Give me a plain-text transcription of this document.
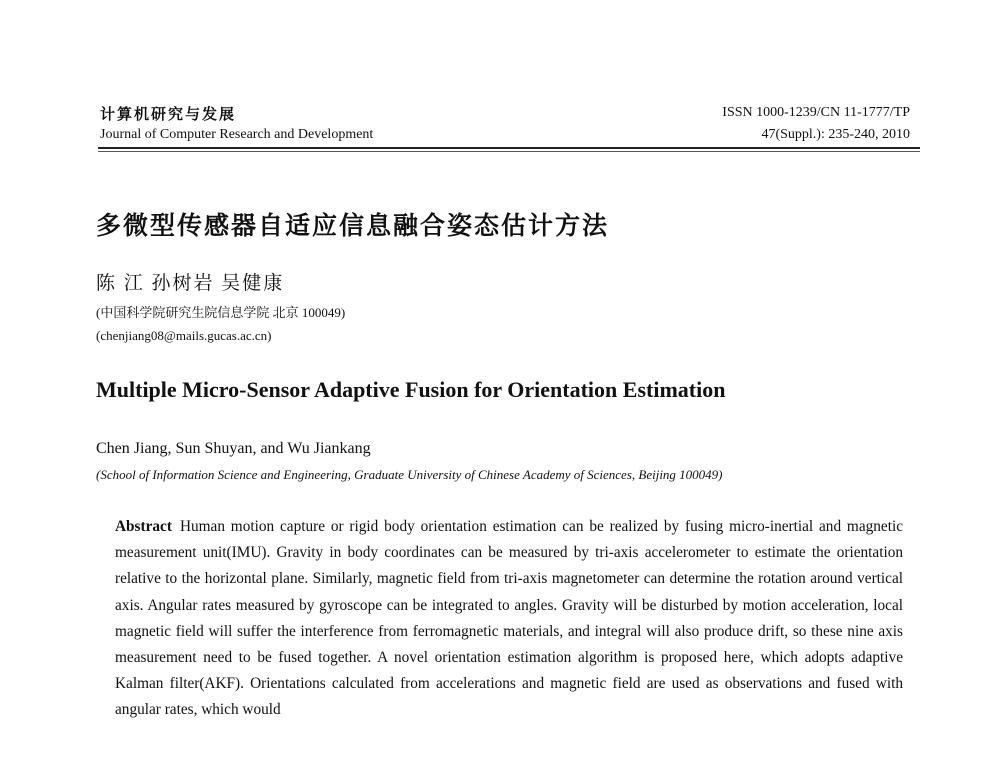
计算机研究与发展
Journal of Computer Research and Development
ISSN 1000-1239/CN 11-1777/TP
47(Suppl.): 235-240, 2010
多微型传感器自适应信息融合姿态估计方法
陈 江 孙树岩 吴健康
(中国科学院研究生院信息学院 北京 100049)
(chenjiang08@mails.gucas.ac.cn)
Multiple Micro-Sensor Adaptive Fusion for Orientation Estimation
Chen Jiang, Sun Shuyan, and Wu Jiankang
(School of Information Science and Engineering, Graduate University of Chinese Academy of Sciences, Beijing 100049)
Abstract Human motion capture or rigid body orientation estimation can be realized by fusing micro-inertial and magnetic measurement unit(IMU). Gravity in body coordinates can be measured by tri-axis accelerometer to estimate the orientation relative to the horizontal plane. Similarly, magnetic field from tri-axis magnetometer can determine the rotation around vertical axis. Angular rates measured by gyroscope can be integrated to angles. Gravity will be disturbed by motion acceleration, local magnetic field will suffer the interference from ferromagnetic materials, and integral will also produce drift, so these nine axis measurement need to be fused together. A novel orientation estimation algorithm is proposed here, which adopts adaptive Kalman filter(AKF). Orientations calculated from accelerations and magnetic field are used as observations and fused with angular rates, which would
